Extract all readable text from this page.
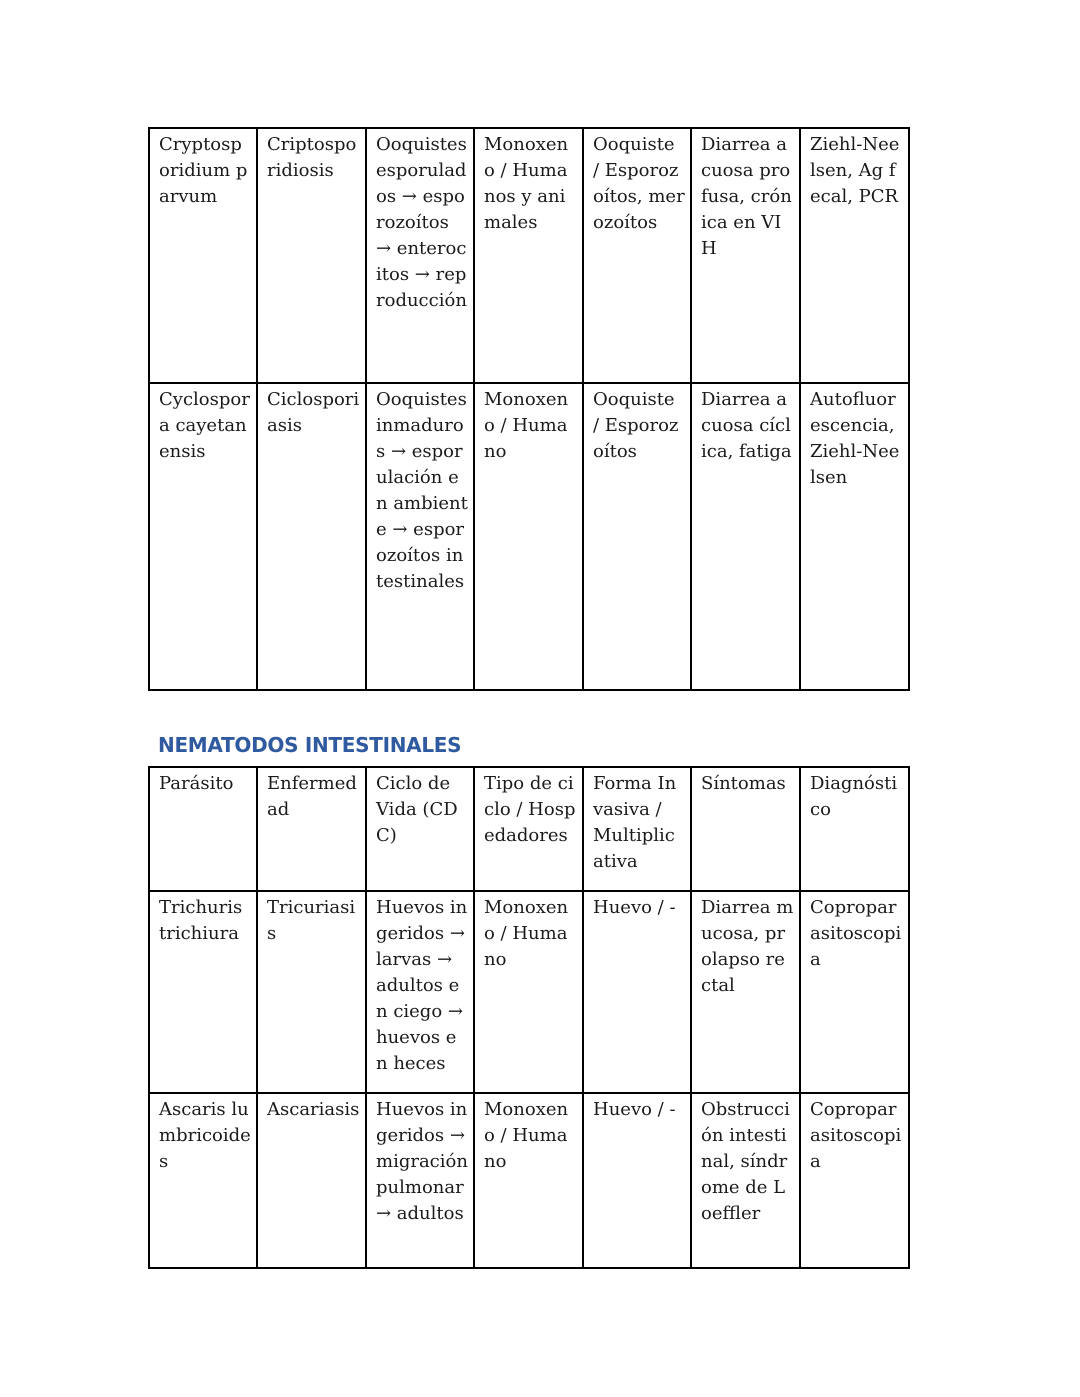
Cryptosporidium parvum	Criptosporidiosis	Ooquistes esporulados → esporozoítos → enterocitos → reproducción	Monoxeno / Humanos y animales	Ooquiste / Esporozoítos, merozoítos	Diarrea acuosa profusa, crónica en VIH	Ziehl-Neelsen, Ag fecal, PCR
Cyclospora cayetanensis	Ciclosporiasis	Ooquistes inmaduros → esporulación en ambiente → esporozoítos intestinales	Monoxeno / Humano	Ooquiste / Esporozoítos	Diarrea acuosa cíclica, fatiga	Autofluorescencia, Ziehl-Neelsen
NEMATODOS INTESTINALES
Parásito	Enfermedad	Ciclo de Vida (CDC)	Tipo de ciclo / Hospedadores	Forma Invasiva / Multiplicativa	Síntomas	Diagnóstico
Trichuris trichiura	Tricuriasis	Huevos ingeridos → larvas → adultos en ciego → huevos en heces	Monoxeno / Humano	Huevo / -	Diarrea mucosa, prolapso rectal	Coproparasitoscopia
Ascaris lumbricoides	Ascariasis	Huevos ingeridos → migración pulmonar → adultos	Monoxeno / Humano	Huevo / -	Obstrucción intestinal, síndrome de Loeffler	Coproparasitoscopia
